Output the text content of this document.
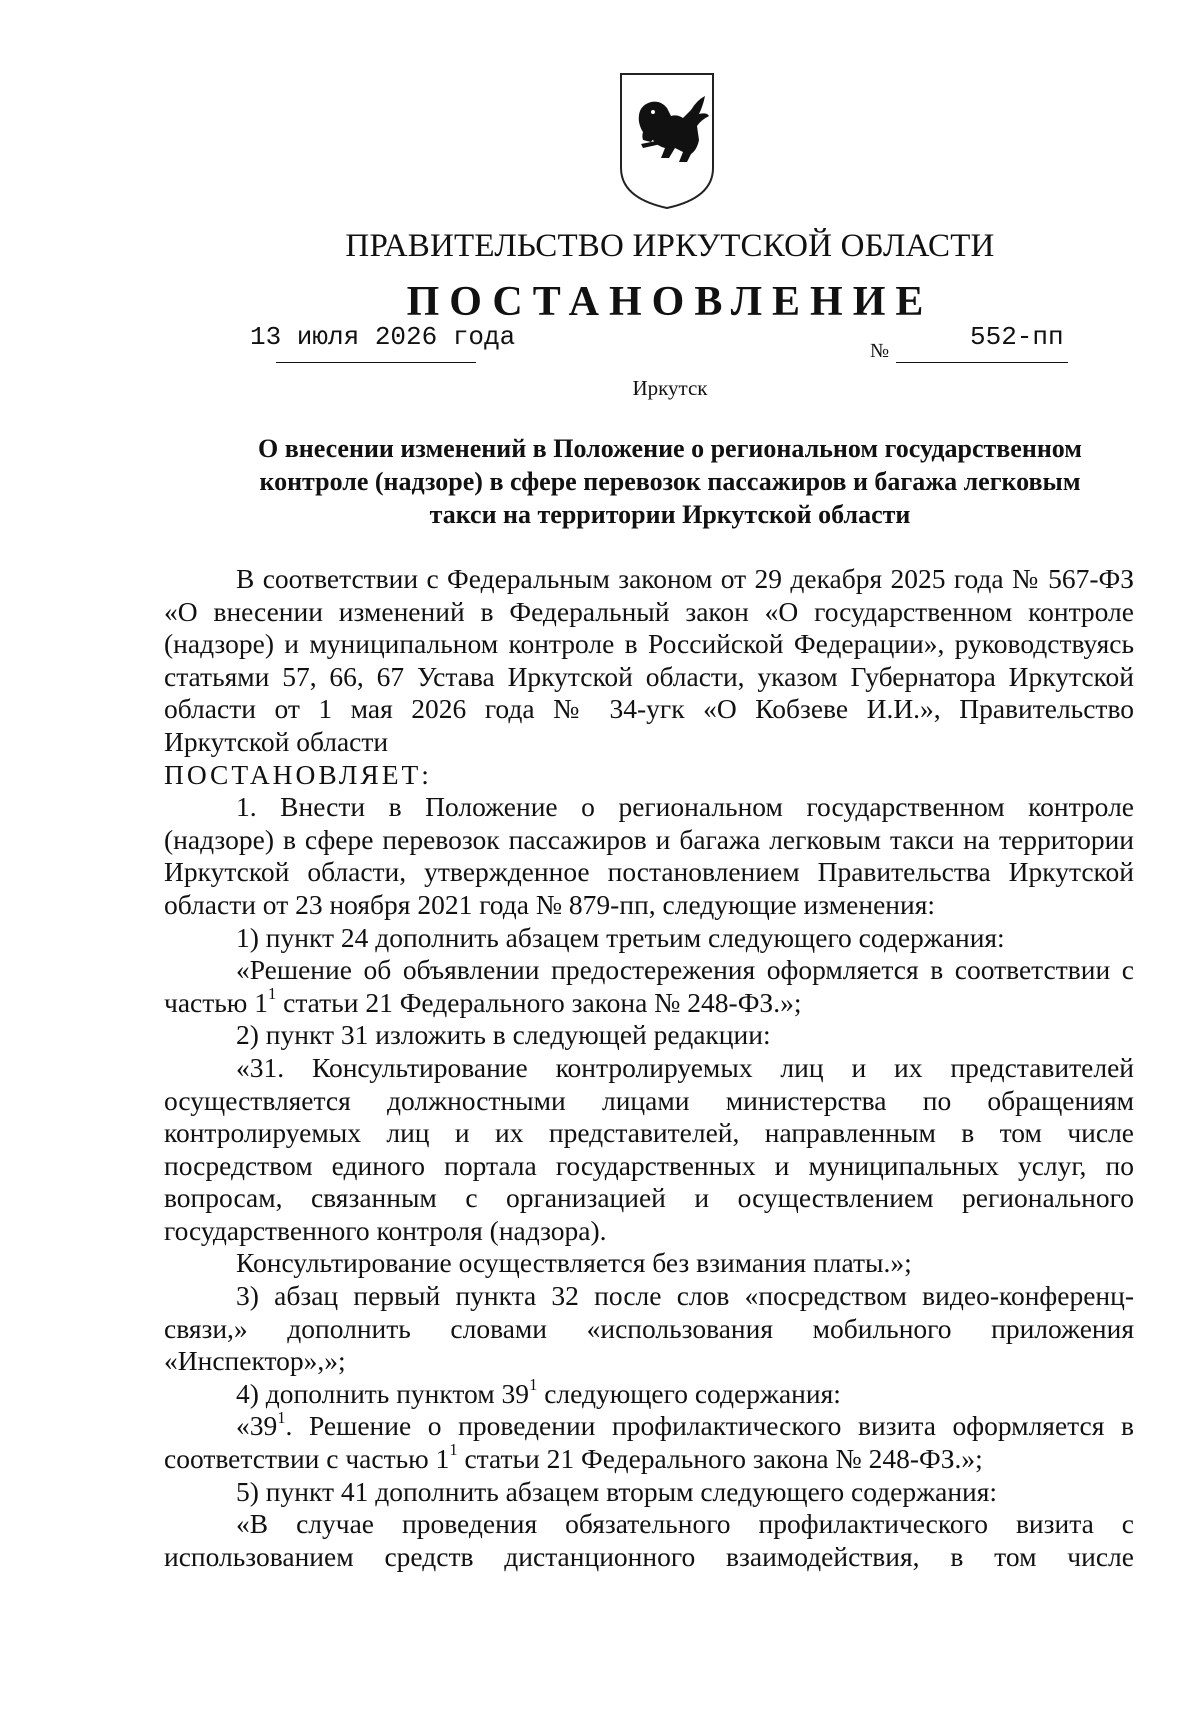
ПРАВИТЕЛЬСТВО ИРКУТСКОЙ ОБЛАСТИ
ПОСТАНОВЛЕНИЕ
13 июля 2026 года	№	552-пп
Иркутск
О внесении изменений в Положение о региональном государственном
контроле (надзоре) в сфере перевозок пассажиров и багажа легковым
такси на территории Иркутской области
В соответствии с Федеральным законом от 29 декабря 2025 года № 567-ФЗ
«О внесении изменений в Федеральный закон «О государственном контроле
(надзоре) и муниципальном контроле в Российской Федерации», руководствуясь
статьями 57, 66, 67 Устава Иркутской области, указом Губернатора Иркутской
области от 1 мая 2026 года № 34-угк «О Кобзеве И.И.», Правительство
Иркутской области
ПОСТАНОВЛЯЕТ:
1. Внести в Положение о региональном государственном контроле
(надзоре) в сфере перевозок пассажиров и багажа легковым такси на территории
Иркутской области, утвержденное постановлением Правительства Иркутской
области от 23 ноября 2021 года № 879-пп, следующие изменения:
1) пункт 24 дополнить абзацем третьим следующего содержания:
«Решение об объявлении предостережения оформляется в соответствии с
частью $1^1$ статьи 21 Федерального закона № 248-ФЗ.»;
2) пункт 31 изложить в следующей редакции:
«31. Консультирование контролируемых лиц и их представителей
осуществляется должностными лицами министерства по обращениям
контролируемых лиц и их представителей, направленным в том числе
посредством единого портала государственных и муниципальных услуг, по
вопросам, связанным с организацией и осуществлением регионального
государственного контроля (надзора).
Консультирование осуществляется без взимания платы.»;
3) абзац первый пункта 32 после слов «посредством видео-конференц-
связи,» дополнить словами «использования мобильного приложения
«Инспектор»,»;
4) дополнить пунктом $39^1$ следующего содержания:
«$39^1$. Решение о проведении профилактического визита оформляется в
соответствии с частью $1^1$ статьи 21 Федерального закона № 248-ФЗ.»;
5) пункт 41 дополнить абзацем вторым следующего содержания:
«В случае проведения обязательного профилактического визита с
использованием средств дистанционного взаимодействия, в том числе
